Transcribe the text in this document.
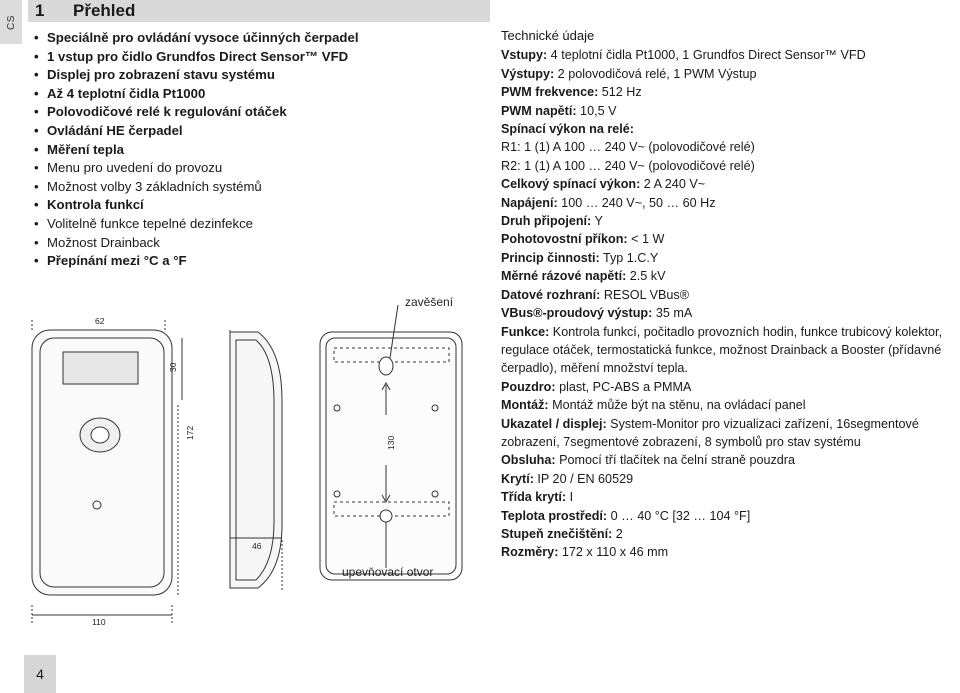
CS
1	Přehled
• Speciálně pro ovládání vysoce účinných čerpadel
• 1 vstup pro čidlo Grundfos Direct Sensor™ VFD
• Displej pro zobrazení stavu systému
• Až 4 teplotní čidla Pt1000
• Polovodičové relé k regulování otáček
• Ovládání HE čerpadel
• Měření tepla
• Menu pro uvedení do provozu
• Možnost volby 3 základních systémů
• Kontrola funkcí
• Volitelně funkce tepelné dezinfekce
• Možnost Drainback
• Přepínání mezi °C a °F
62
30
172
110
46
130
zavěšení
upevňovací otvor
Technické údaje
Vstupy: 4 teplotní čidla Pt1000, 1 Grundfos Direct Sensor™ VFD
Výstupy: 2 polovodičová relé, 1 PWM Výstup
PWM frekvence: 512 Hz
PWM napětí: 10,5 V
Spínací výkon na relé:
R1: 1 (1) A 100 … 240 V~ (polovodičové relé)
R2: 1 (1) A 100 … 240 V~ (polovodičové relé)
Celkový spínací výkon: 2 A 240 V~
Napájení: 100 … 240 V~, 50 … 60 Hz
Druh připojení: Y
Pohotovostní příkon: < 1 W
Princip činnosti: Typ 1.C.Y
Měrné rázové napětí: 2.5 kV
Datové rozhraní: RESOL VBus®
VBus®-proudový výstup: 35 mA
Funkce: Kontrola funkcí, počitadlo provozních hodin, funkce trubicový kolektor, regulace otáček, termostatická funkce, možnost Drainback a Booster (přídavné čerpadlo), měření množství tepla.
Pouzdro: plast, PC-ABS a PMMA
Montáž: Montáž může být na stěnu, na ovládací panel
Ukazatel / displej: System-Monitor pro vizualizaci zařízení, 16segmentové zobrazení, 7segmentové zobrazení, 8 symbolů pro stav systému
Obsluha: Pomocí tří tlačítek na čelní straně pouzdra
Krytí: IP 20 / EN 60529
Třída krytí: I
Teplota prostředí: 0 … 40 °C [32 … 104 °F]
Stupeň znečištění: 2
Rozměry: 172 x 110 x 46 mm
4
